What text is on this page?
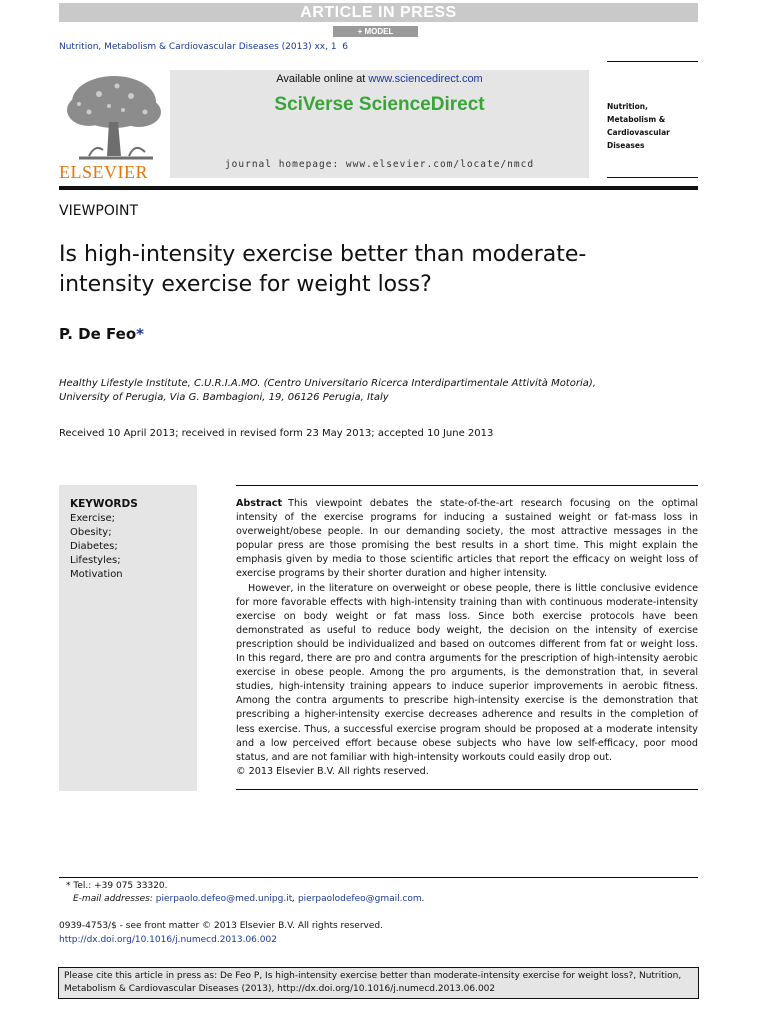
ARTICLE IN PRESS
+ MODEL
Nutrition, Metabolism & Cardiovascular Diseases (2013) xx, 1  6
ELSEVIER
Available online at www.sciencedirect.com
SciVerse ScienceDirect
journal homepage: www.elsevier.com/locate/nmcd
Nutrition,
Metabolism &
Cardiovascular Diseases
VIEWPOINT
Is high-intensity exercise better than moderate-intensity exercise for weight loss?
P. De Feo*
Healthy Lifestyle Institute, C.U.R.I.A.MO. (Centro Universitario Ricerca Interdipartimentale Attività Motoria), University of Perugia, Via G. Bambagioni, 19, 06126 Perugia, Italy
Received 10 April 2013; received in revised form 23 May 2013; accepted 10 June 2013
KEYWORDS
Exercise;
Obesity;
Diabetes;
Lifestyles;
Motivation

Abstract This viewpoint debates the state-of-the-art research focusing on the optimal intensity of the exercise programs for inducing a sustained weight or fat-mass loss in overweight/obese people. In our demanding society, the most attractive messages in the popular press are those promising the best results in a short time. This might explain the emphasis given by media to those scientific articles that report the efficacy on weight loss of exercise programs by their shorter duration and higher intensity.

However, in the literature on overweight or obese people, there is little conclusive evidence for more favorable effects with high-intensity training than with continuous moderate-intensity exercise on body weight or fat mass loss. Since both exercise protocols have been demonstrated as useful to reduce body weight, the decision on the intensity of exercise prescription should be individualized and based on outcomes different from fat or weight loss. In this regard, there are pro and contra arguments for the prescription of high-intensity aerobic exercise in obese people. Among the pro arguments, is the demonstration that, in several studies, high-intensity training appears to induce superior improvements in aerobic fitness. Among the contra arguments to prescribe high-intensity exercise is the demonstration that prescribing a higher-intensity exercise decreases adherence and results in the completion of less exercise. Thus, a successful exercise program should be proposed at a moderate intensity and a low perceived effort because obese subjects who have low self-efficacy, poor mood status, and are not familiar with high-intensity workouts could easily drop out.

© 2013 Elsevier B.V. All rights reserved.

* Tel.: +39 075 33320.
E-mail addresses: pierpaolo.defeo@med.unipg.it, pierpaolodefeo@gmail.com.
0939-4753/$ - see front matter © 2013 Elsevier B.V. All rights reserved.
http://dx.doi.org/10.1016/j.numecd.2013.06.002
Please cite this article in press as: De Feo P, Is high-intensity exercise better than moderate-intensity exercise for weight loss?, Nutrition, Metabolism & Cardiovascular Diseases (2013), http://dx.doi.org/10.1016/j.numecd.2013.06.002
